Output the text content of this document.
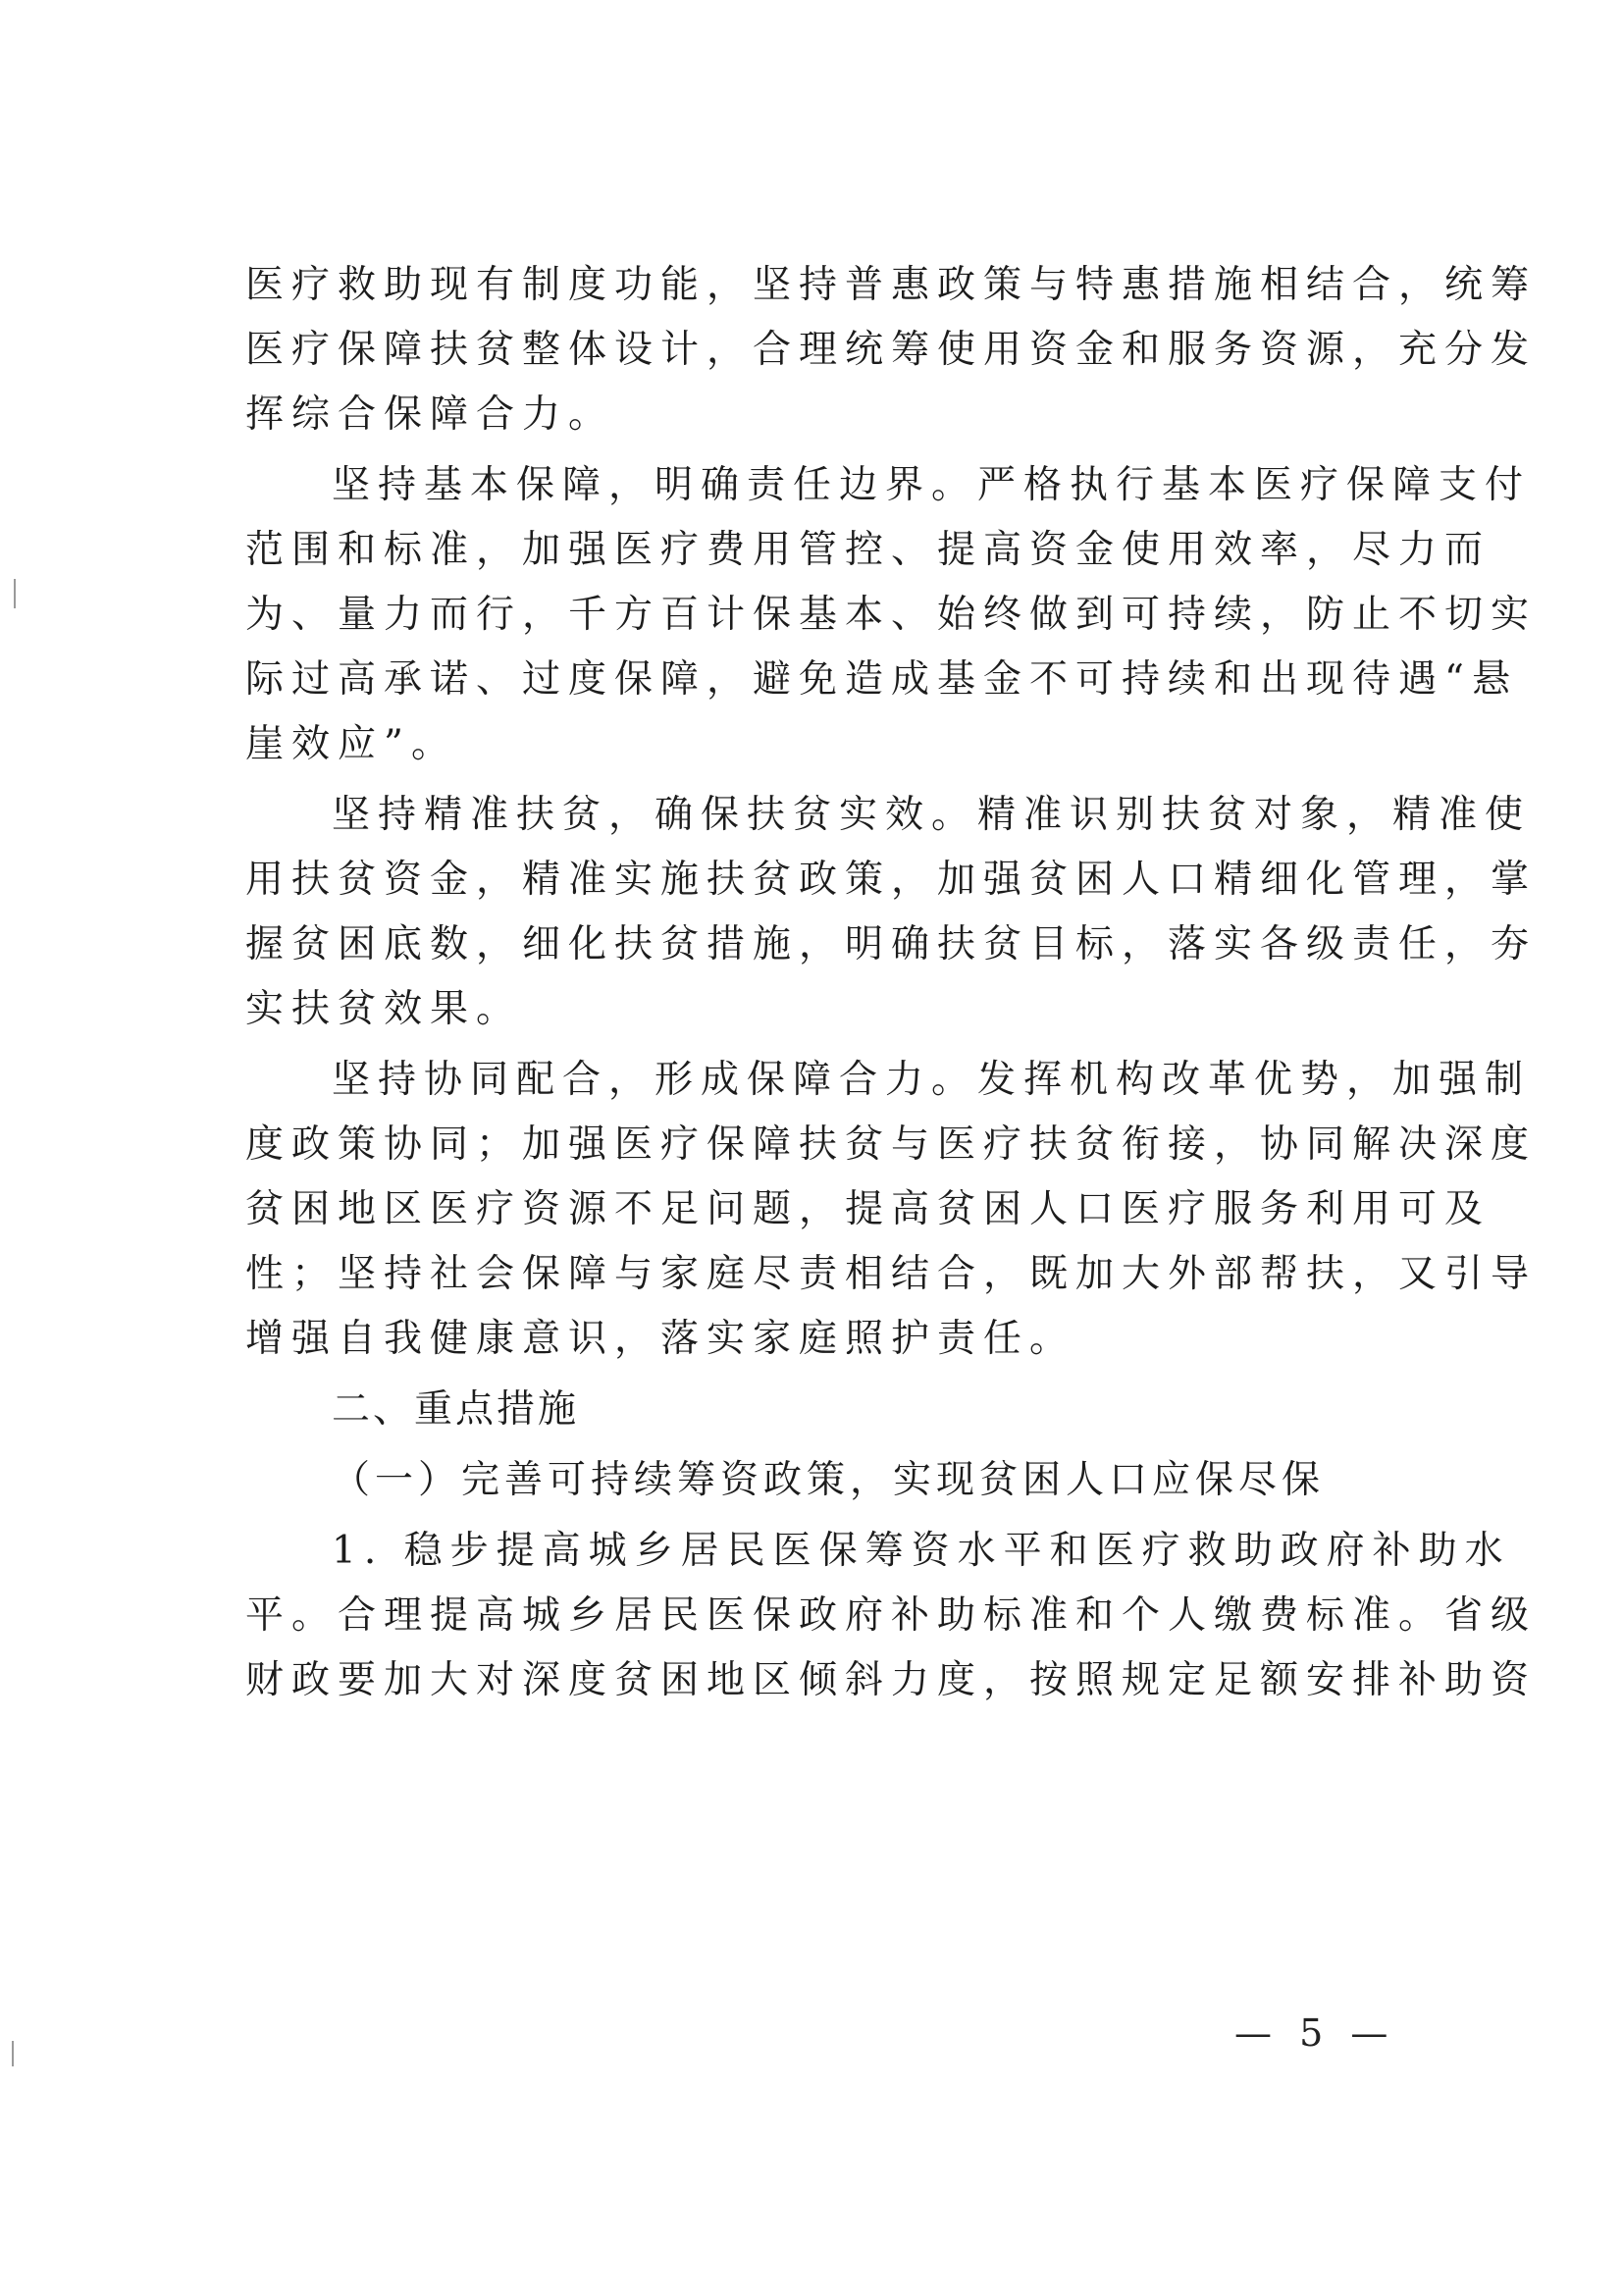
医疗救助现有制度功能，坚持普惠政策与特惠措施相结合，统筹
医疗保障扶贫整体设计，合理统筹使用资金和服务资源，充分发
挥综合保障合力。

坚持基本保障，明确责任边界。严格执行基本医疗保障支付
范围和标准，加强医疗费用管控、提高资金使用效率，尽力而
为、量力而行，千方百计保基本、始终做到可持续，防止不切实
际过高承诺、过度保障，避免造成基金不可持续和出现待遇“悬
崖效应”。

坚持精准扶贫，确保扶贫实效。精准识别扶贫对象，精准使
用扶贫资金，精准实施扶贫政策，加强贫困人口精细化管理，掌
握贫困底数，细化扶贫措施，明确扶贫目标，落实各级责任，夯
实扶贫效果。

坚持协同配合，形成保障合力。发挥机构改革优势，加强制
度政策协同；加强医疗保障扶贫与医疗扶贫衔接，协同解决深度
贫困地区医疗资源不足问题，提高贫困人口医疗服务利用可及
性；坚持社会保障与家庭尽责相结合，既加大外部帮扶，又引导
增强自我健康意识，落实家庭照护责任。

二、重点措施

（一）完善可持续筹资政策，实现贫困人口应保尽保

1. 稳步提高城乡居民医保筹资水平和医疗救助政府补助水
平。合理提高城乡居民医保政府补助标准和个人缴费标准。省级
财政要加大对深度贫困地区倾斜力度，按照规定足额安排补助资

— 5 —
